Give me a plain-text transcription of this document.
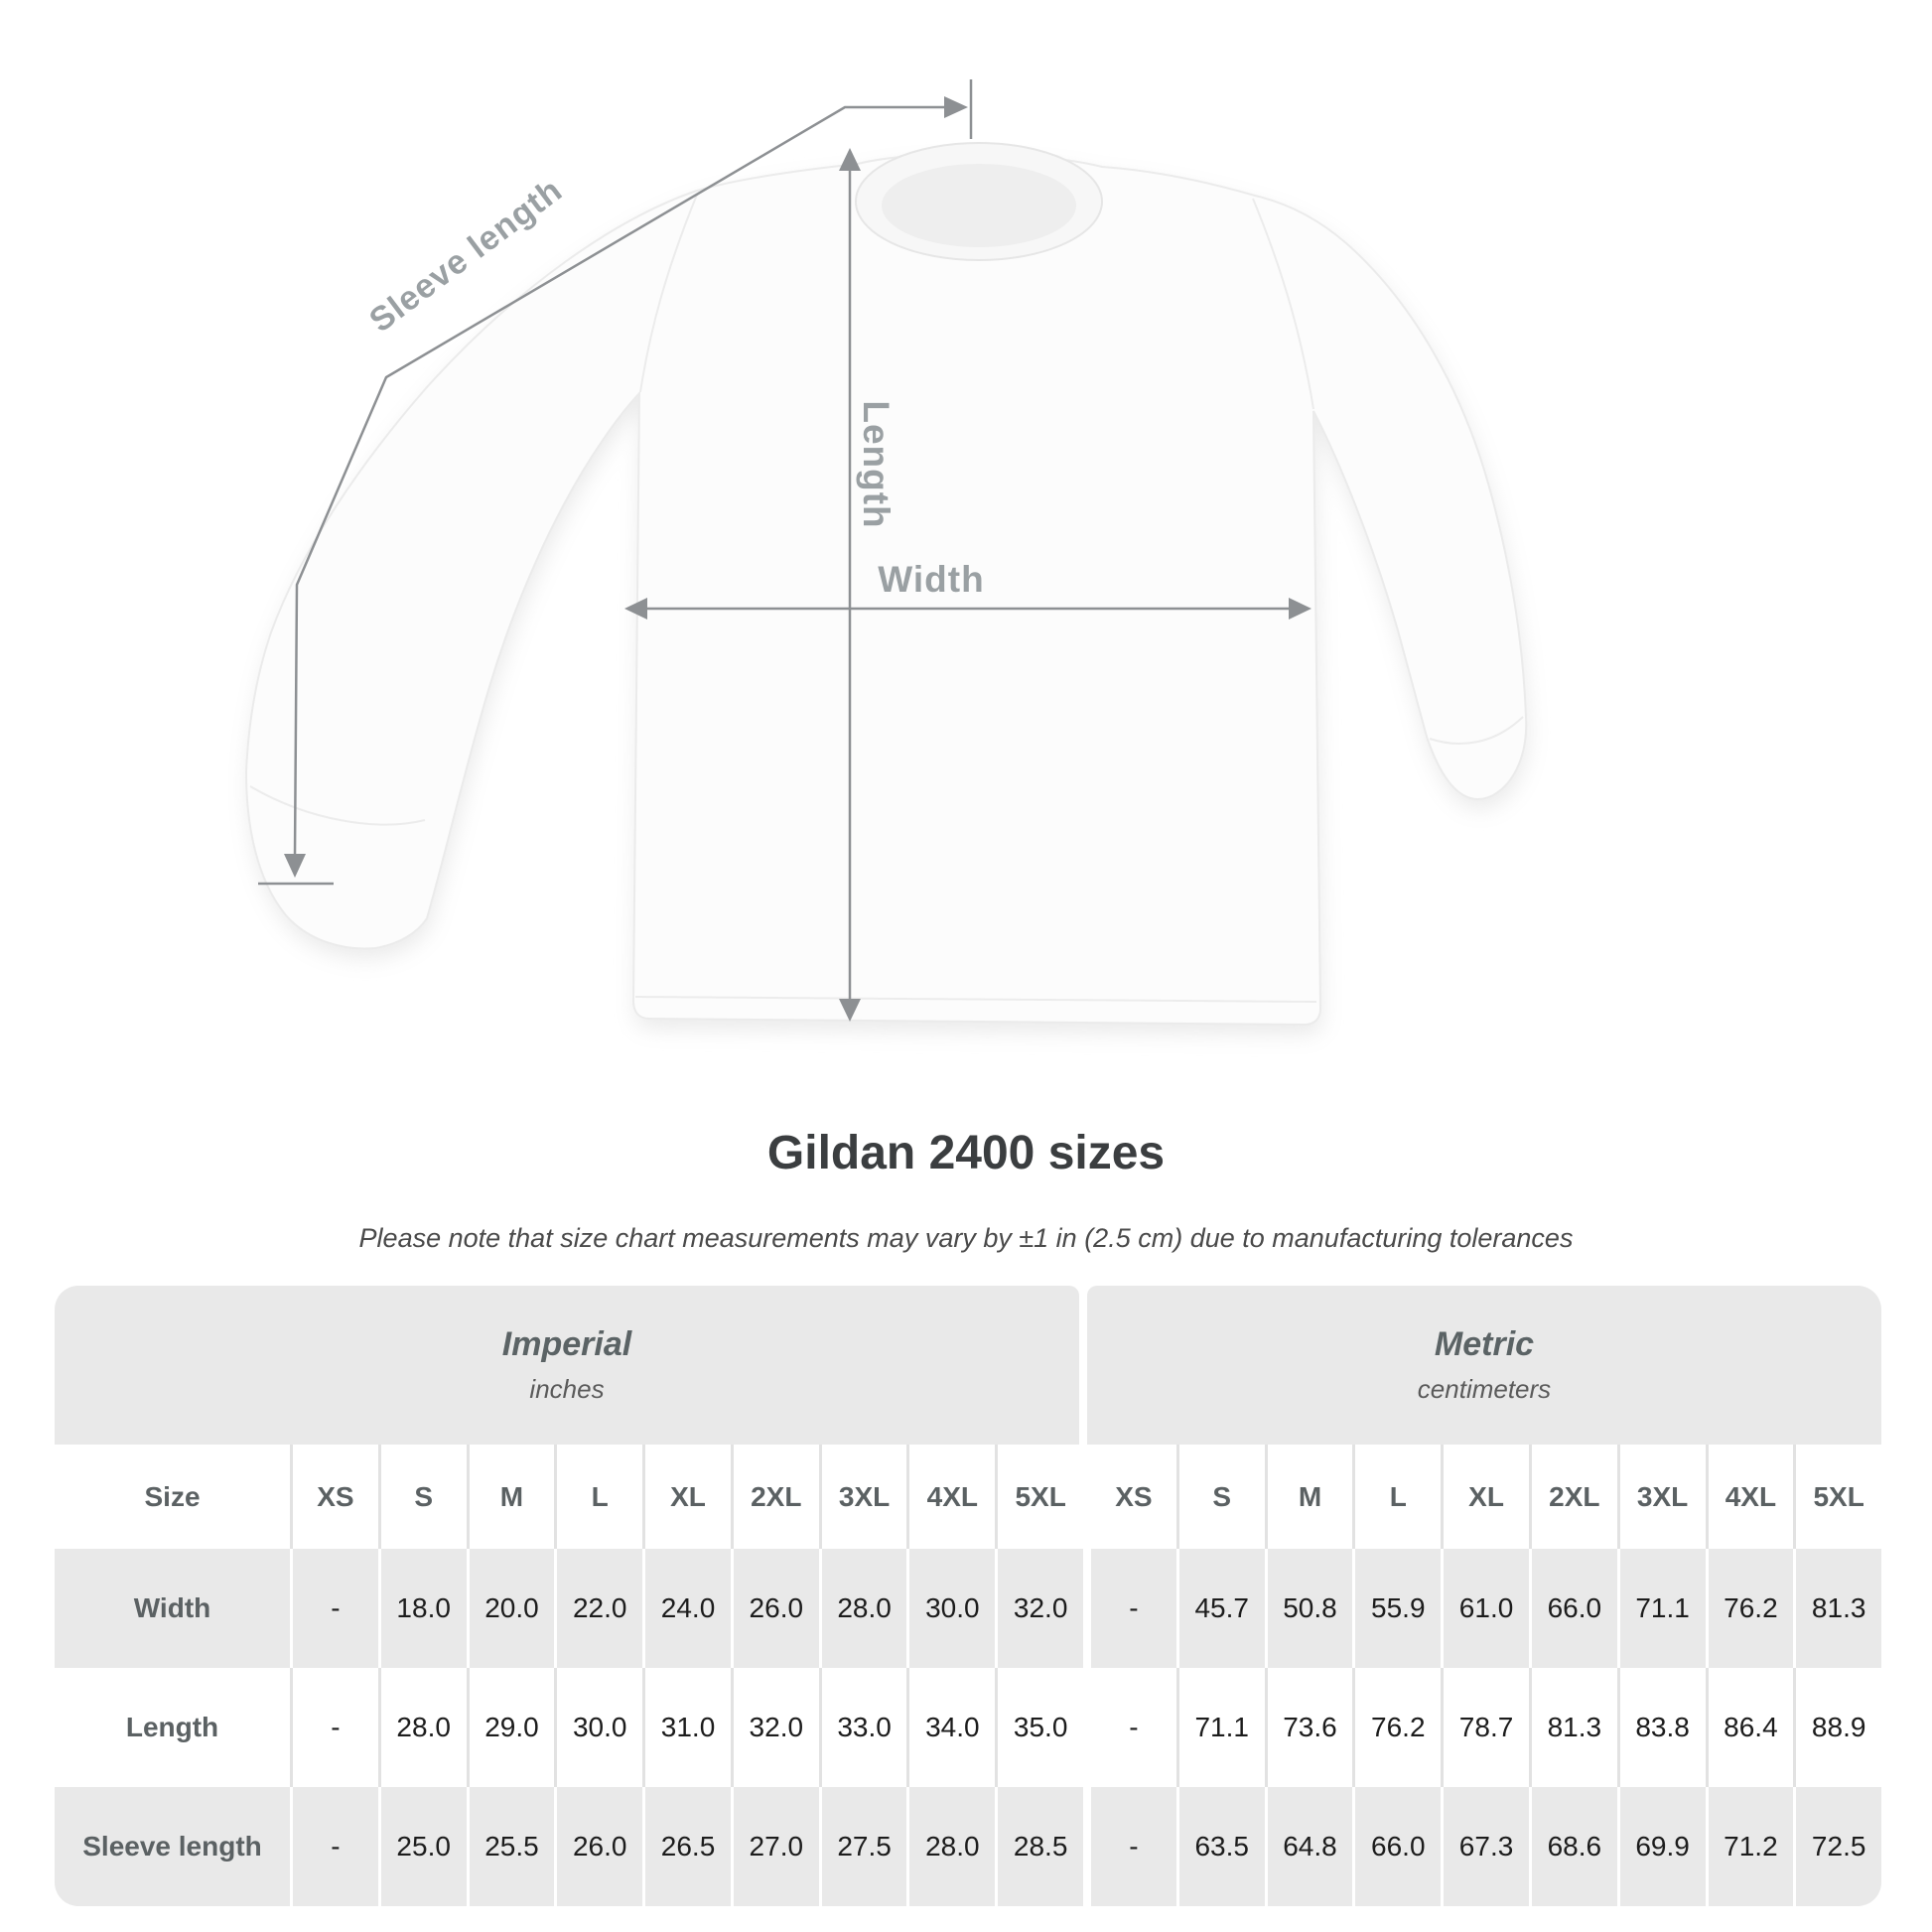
Sleeve length
Length
Width
Gildan 2400 sizes
Please note that size chart measurements may vary by ±1 in (2.5 cm) due to manufacturing tolerances
Imperial
inches
Metric
centimeters
Size	XS	S	M	L	XL	2XL	3XL	4XL	5XL	XS	S	M	L	XL	2XL	3XL	4XL	5XL
Width	-	18.0	20.0	22.0	24.0	26.0	28.0	30.0	32.0	-	45.7	50.8	55.9	61.0	66.0	71.1	76.2	81.3
Length	-	28.0	29.0	30.0	31.0	32.0	33.0	34.0	35.0	-	71.1	73.6	76.2	78.7	81.3	83.8	86.4	88.9
Sleeve length	-	25.0	25.5	26.0	26.5	27.0	27.5	28.0	28.5	-	63.5	64.8	66.0	67.3	68.6	69.9	71.2	72.5
